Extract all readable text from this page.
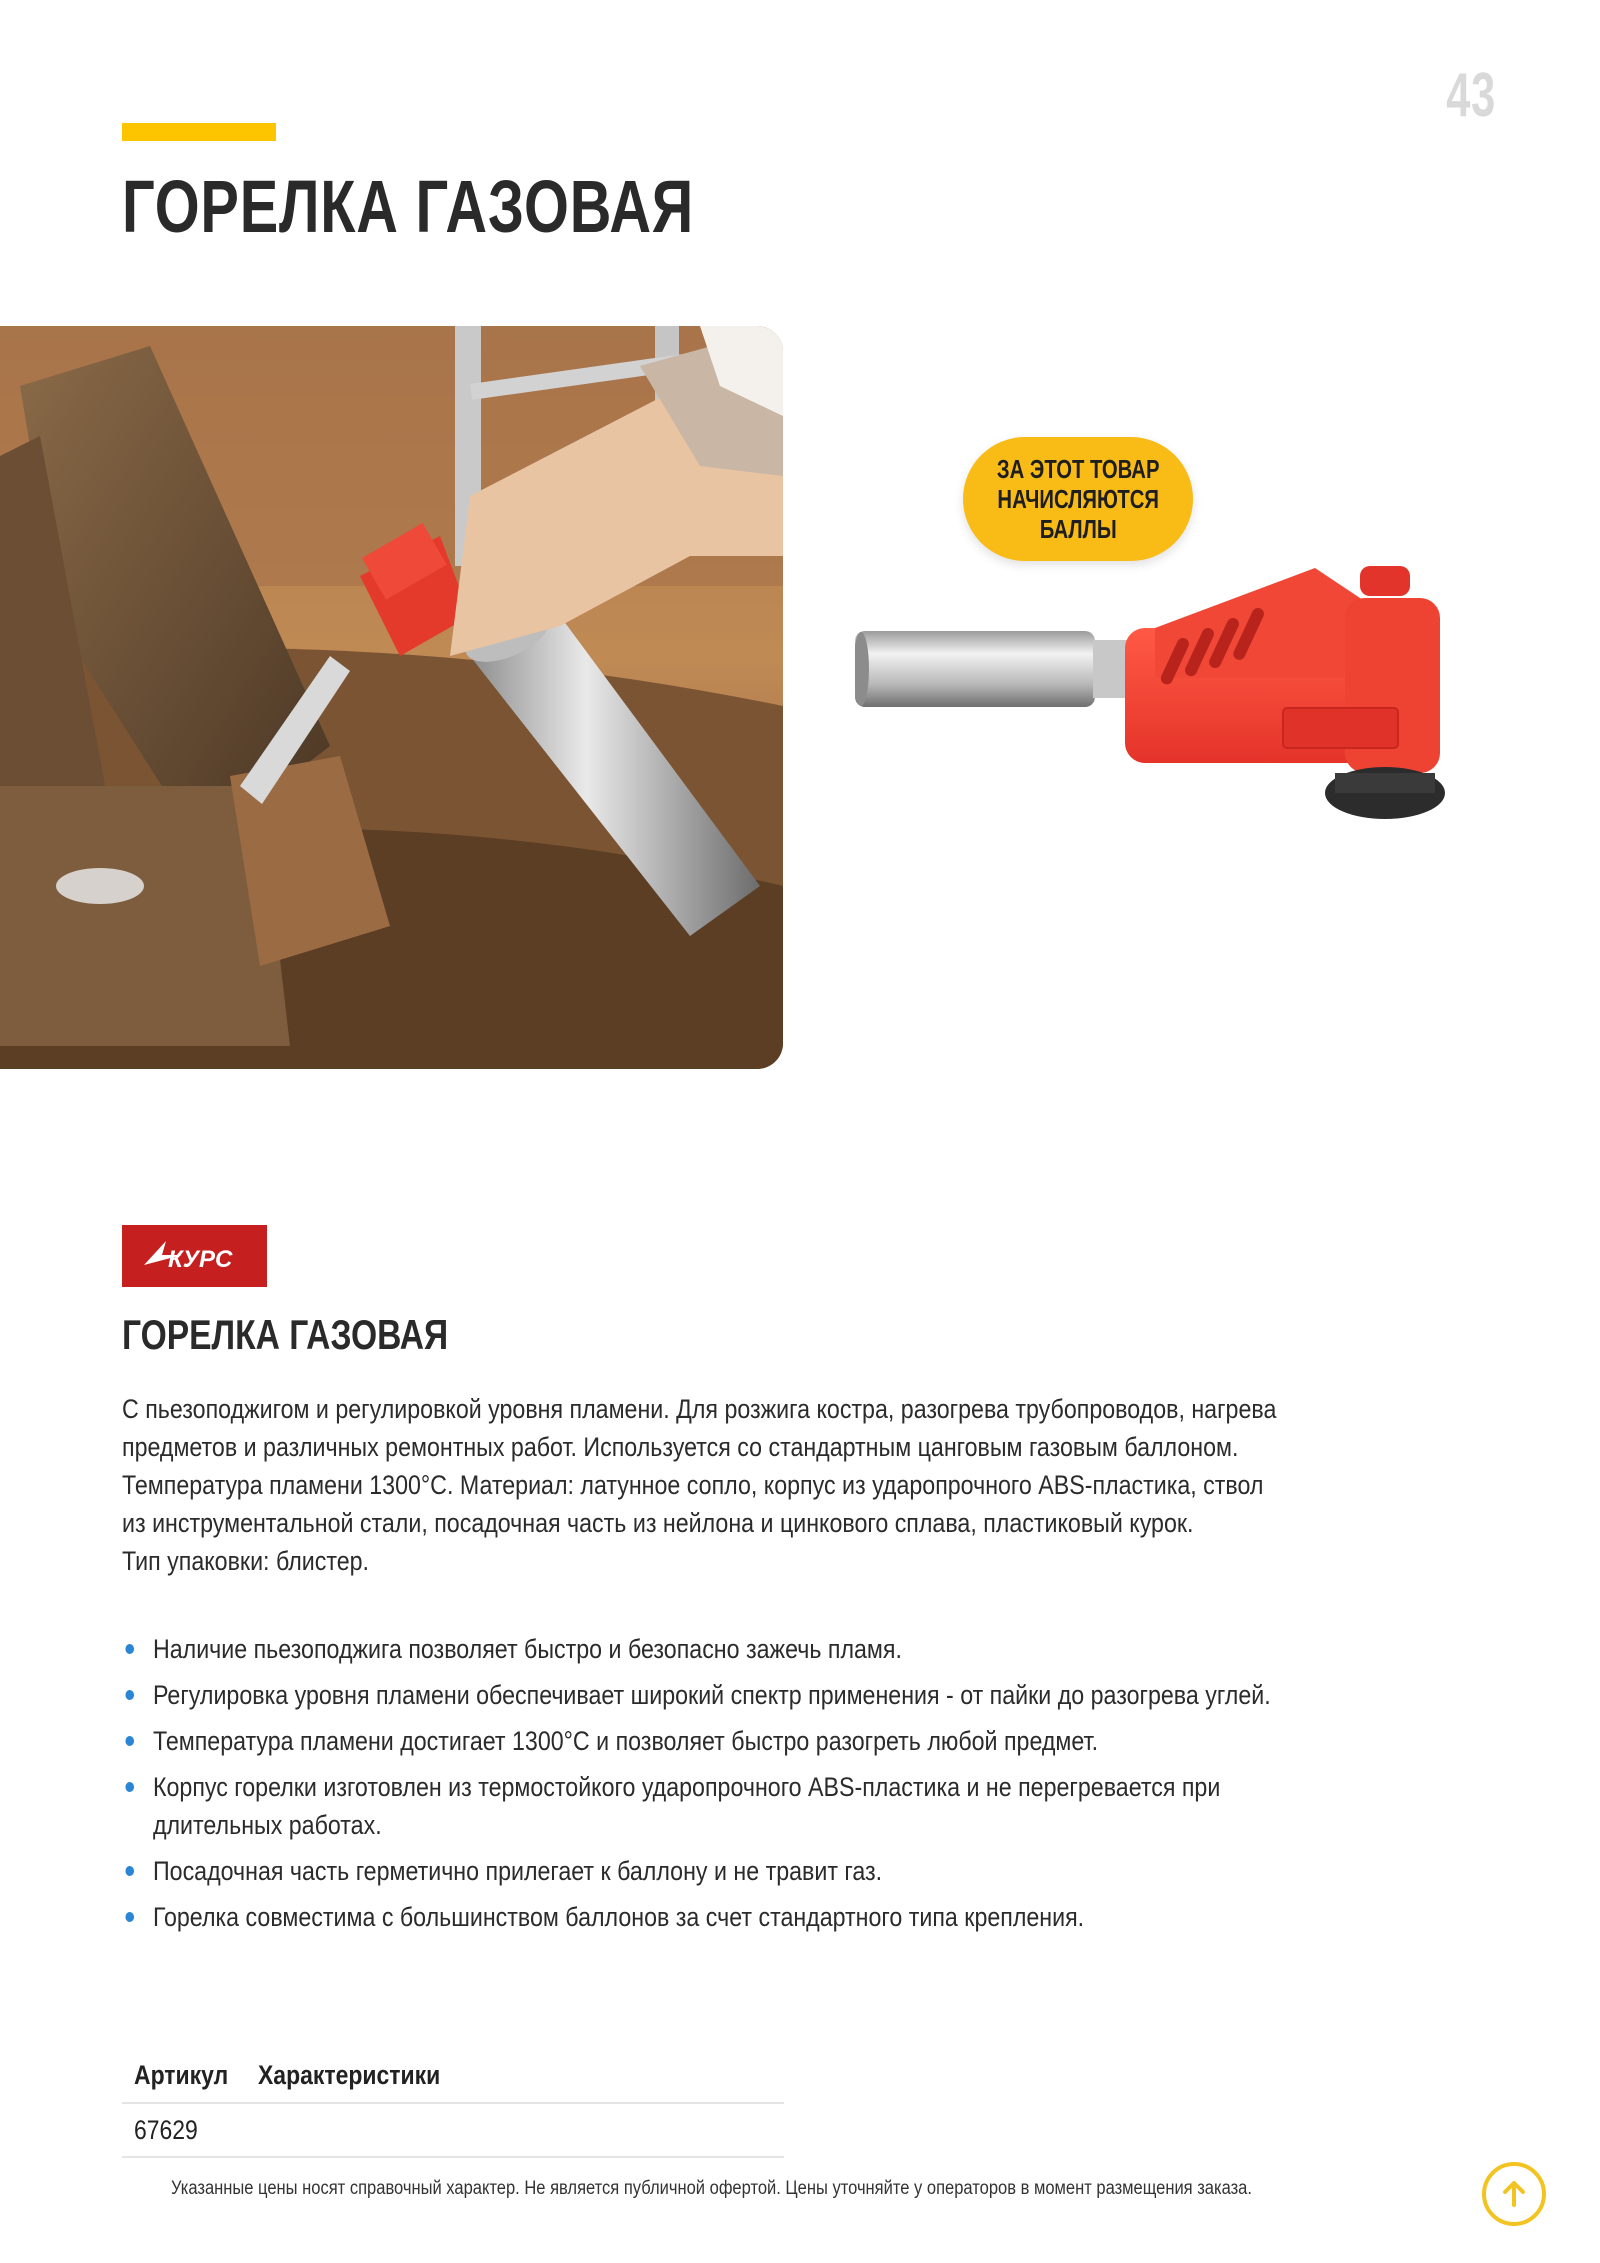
43
ГОРЕЛКА ГАЗОВАЯ
ЗА ЭТОТ ТОВАР
НАЧИСЛЯЮТСЯ
БАЛЛЫ
КУРС
ГОРЕЛКА ГАЗОВАЯ

С пьезоподжигом и регулировкой уровня пламени. Для розжига костра, разогрева трубопроводов, нагрева

предметов и различных ремонтных работ. Используется со стандартным цанговым газовым баллоном.

Температура пламени 1300°C. Материал: латунное сопло, корпус из ударопрочного ABS-пластика, ствол

из инструментальной стали, посадочная часть из нейлона и цинкового сплава, пластиковый курок.

Тип упаковки: блистер.

Наличие пьезоподжига позволяет быстро и безопасно зажечь пламя.
Регулировка уровня пламени обеспечивает широкий спектр применения - от пайки до разогрева углей.
Температура пламени достигает 1300°C и позволяет быстро разогреть любой предмет.
Корпус горелки изготовлен из термостойкого ударопрочного ABS-пластика и не перегревается при
длительных работах.
Посадочная часть герметично прилегает к баллону и не травит газ.
Горелка совместима с большинством баллонов за счет стандартного типа крепления.
Артикул	Характеристики
67629
Указанные цены носят справочный характер. Не является публичной офертой. Цены уточняйте у операторов в момент размещения заказа.
